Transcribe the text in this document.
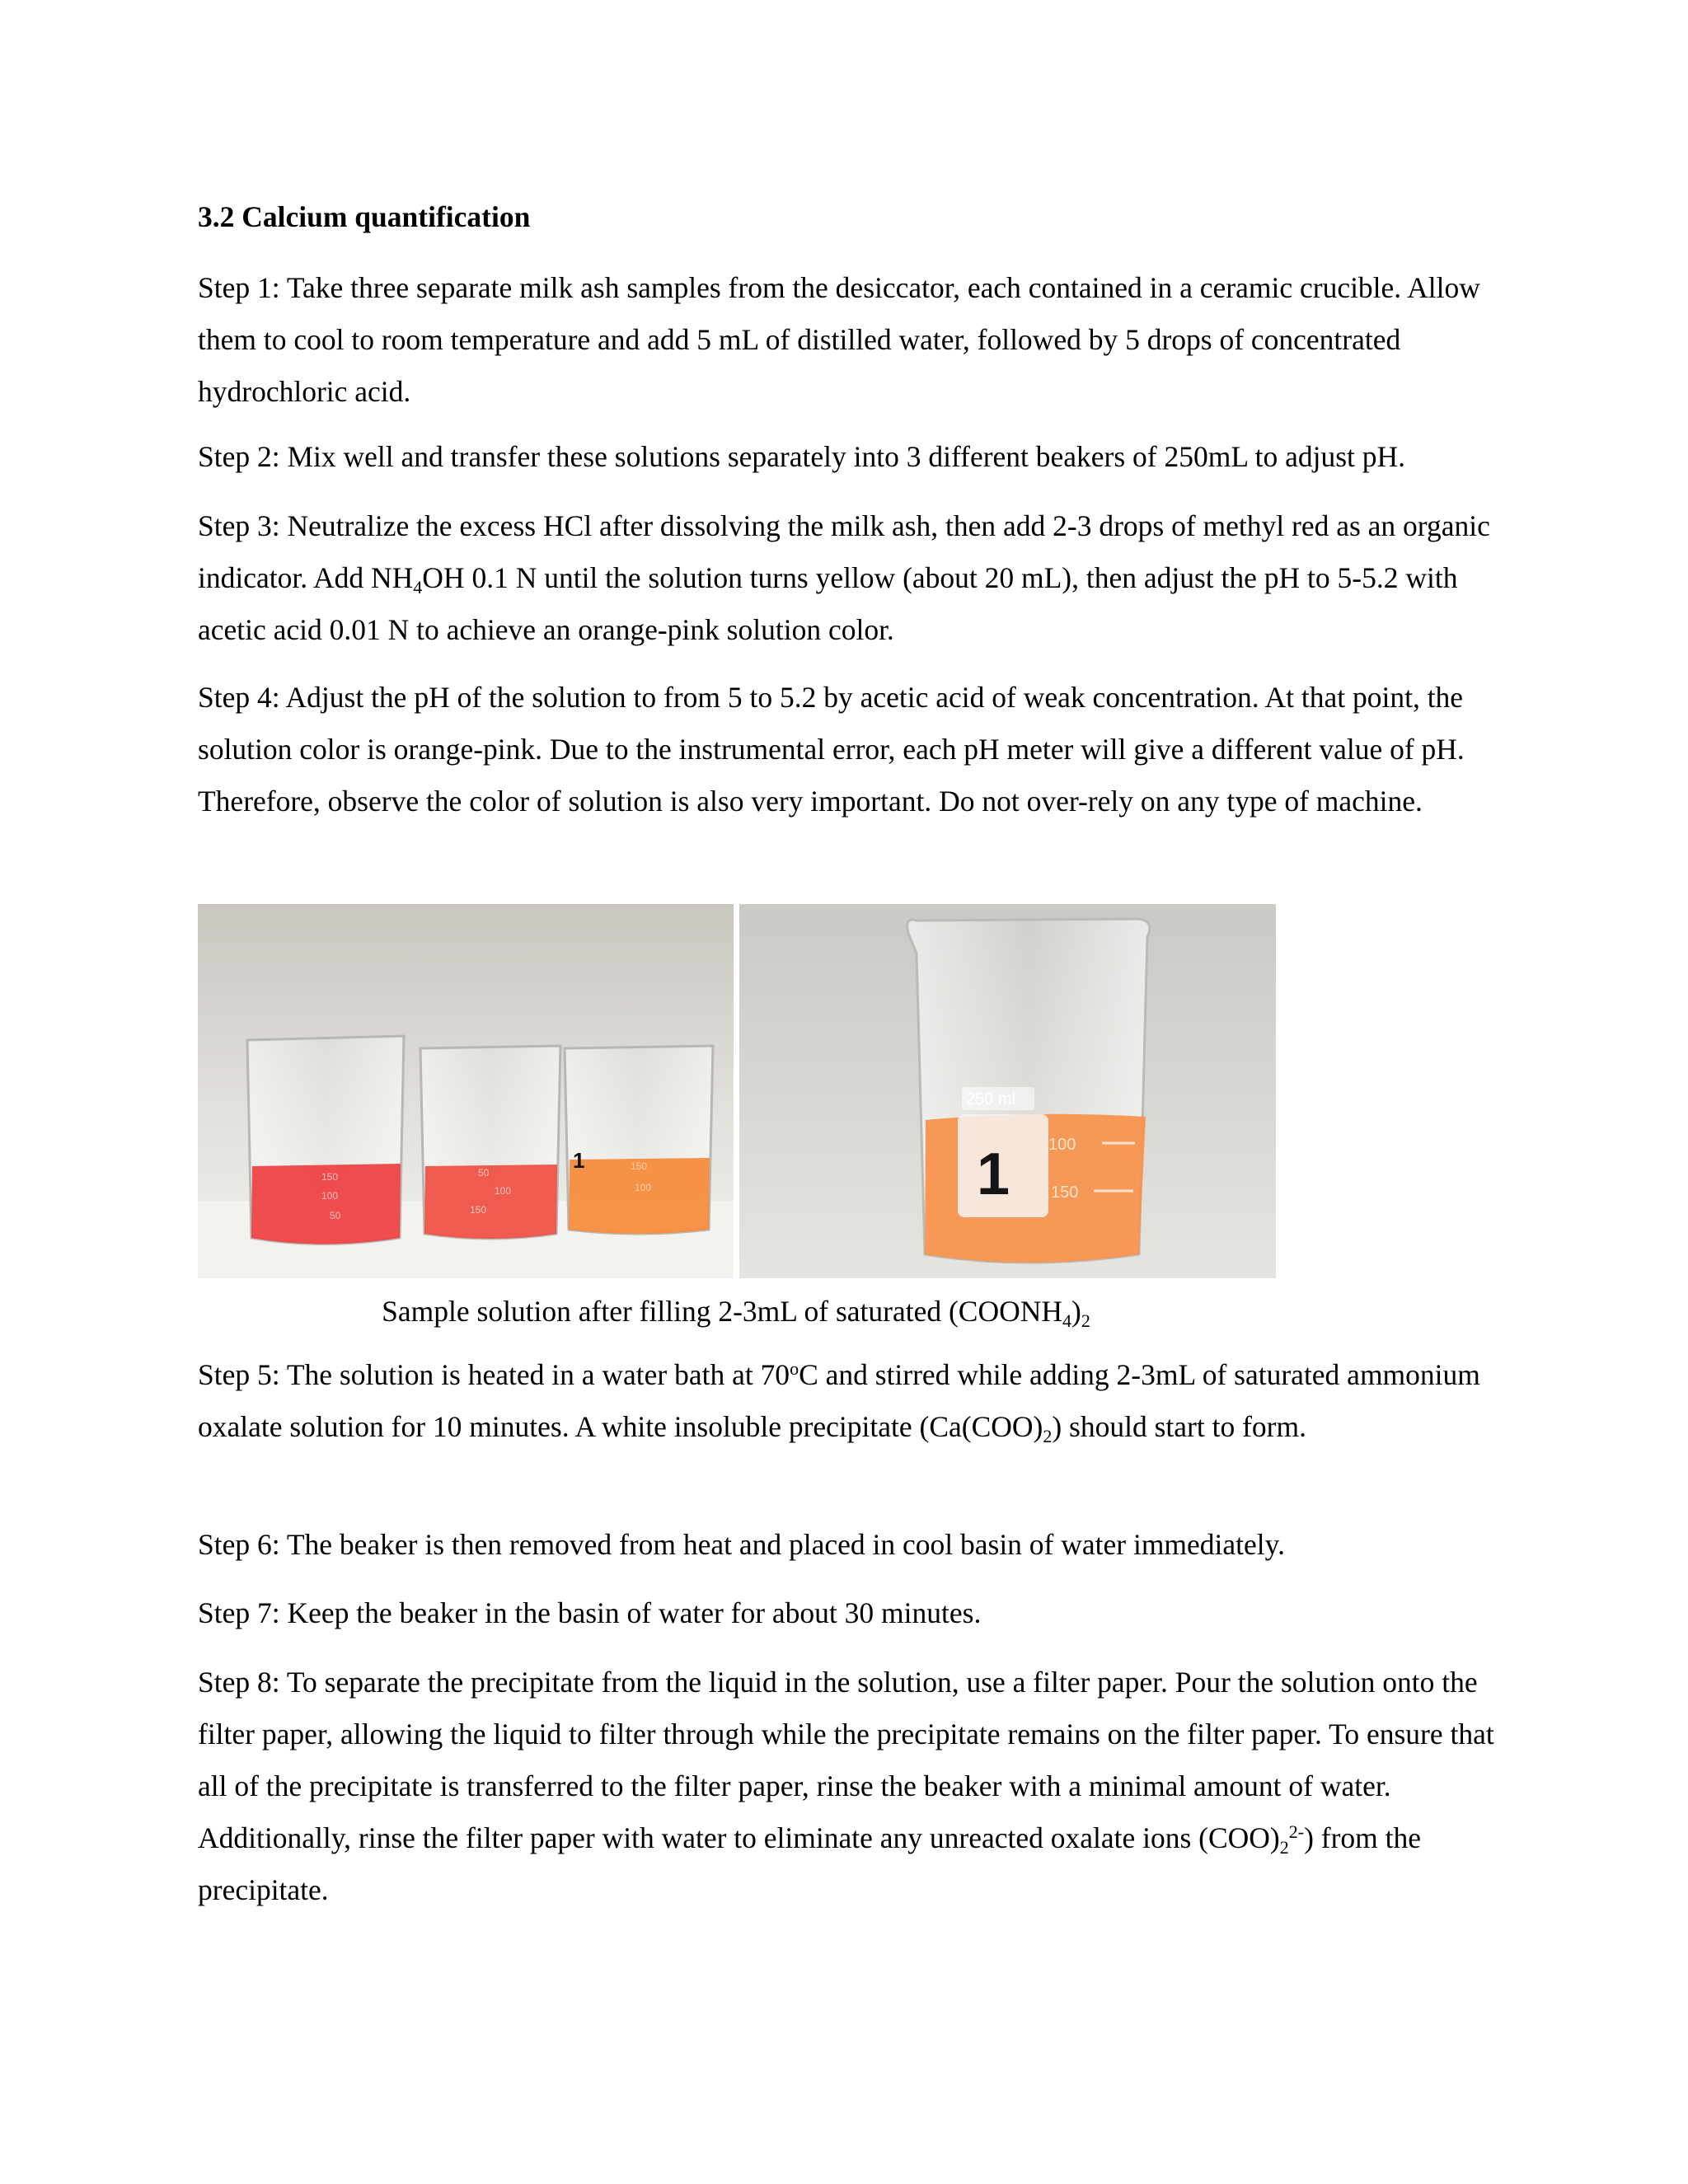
3.2 Calcium quantification

Step 1: Take three separate milk ash samples from the desiccator, each contained in a ceramic crucible. Allow them to cool to room temperature and add 5 mL of distilled water, followed by 5 drops of concentrated hydrochloric acid.

Step 2: Mix well and transfer these solutions separately into 3 different beakers of 250mL to adjust pH.

Step 3: Neutralize the excess HCl after dissolving the milk ash, then add 2-3 drops of methyl red as an organic indicator. Add $NH_4OH$ 0.1 N until the solution turns yellow (about 20 mL), then adjust the pH to 5-5.2 with acetic acid 0.01 N to achieve an orange-pink solution color.

Step 4: Adjust the pH of the solution to from 5 to 5.2 by acetic acid of weak concentration. At that point, the solution color is orange-pink. Due to the instrumental error, each pH meter will give a different value of pH. Therefore, observe the color of solution is also very important. Do not over-rely on any type of machine.

150
100
50
50
100
150
150
100
1
250 ml
1 100
150
Sample solution after filling 2-3mL of saturated $(COONH_4)_2$

Step 5: The solution is heated in a water bath at 70$^o$C and stirred while adding 2-3mL of saturated ammonium oxalate solution for 10 minutes. A white insoluble precipitate $(Ca(COO)_2)$ should start to form.

Step 6: The beaker is then removed from heat and placed in cool basin of water immediately.

Step 7: Keep the beaker in the basin of water for about 30 minutes.

Step 8: To separate the precipitate from the liquid in the solution, use a filter paper. Pour the solution onto the filter paper, allowing the liquid to filter through while the precipitate remains on the filter paper. To ensure that all of the precipitate is transferred to the filter paper, rinse the beaker with a minimal amount of water. Additionally, rinse the filter paper with water to eliminate any unreacted oxalate ions $(COO)_2^{2-}$) from the precipitate.
